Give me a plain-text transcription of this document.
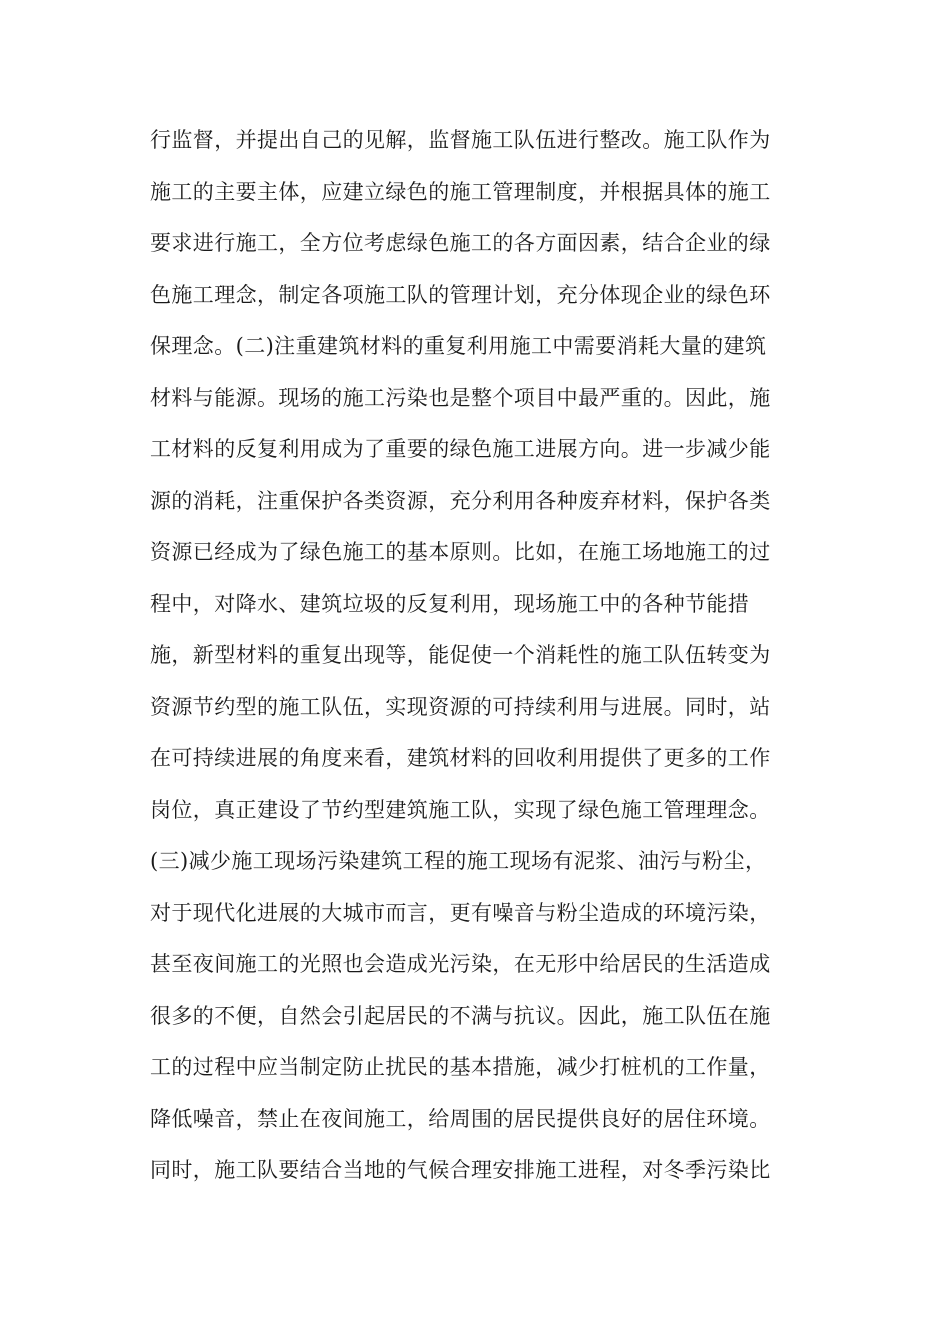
行监督，并提出自己的见解，监督施工队伍进行整改。施工队作为
施工的主要主体，应建立绿色的施工管理制度，并根据具体的施工
要求进行施工，全方位考虑绿色施工的各方面因素，结合企业的绿
色施工理念，制定各项施工队的管理计划，充分体现企业的绿色环
保理念。(二)注重建筑材料的重复利用施工中需要消耗大量的建筑
材料与能源。现场的施工污染也是整个项目中最严重的。因此，施
工材料的反复利用成为了重要的绿色施工进展方向。进一步减少能
源的消耗，注重保护各类资源，充分利用各种废弃材料，保护各类
资源已经成为了绿色施工的基本原则。比如，在施工场地施工的过
程中，对降水、建筑垃圾的反复利用，现场施工中的各种节能措
施，新型材料的重复出现等，能促使一个消耗性的施工队伍转变为
资源节约型的施工队伍，实现资源的可持续利用与进展。同时，站
在可持续进展的角度来看，建筑材料的回收利用提供了更多的工作
岗位，真正建设了节约型建筑施工队，实现了绿色施工管理理念。
(三)减少施工现场污染建筑工程的施工现场有泥浆、油污与粉尘，
对于现代化进展的大城市而言，更有噪音与粉尘造成的环境污染，
甚至夜间施工的光照也会造成光污染，在无形中给居民的生活造成
很多的不便，自然会引起居民的不满与抗议。因此，施工队伍在施
工的过程中应当制定防止扰民的基本措施，减少打桩机的工作量，
降低噪音，禁止在夜间施工，给周围的居民提供良好的居住环境。
同时，施工队要结合当地的气候合理安排施工进程，对冬季污染比
